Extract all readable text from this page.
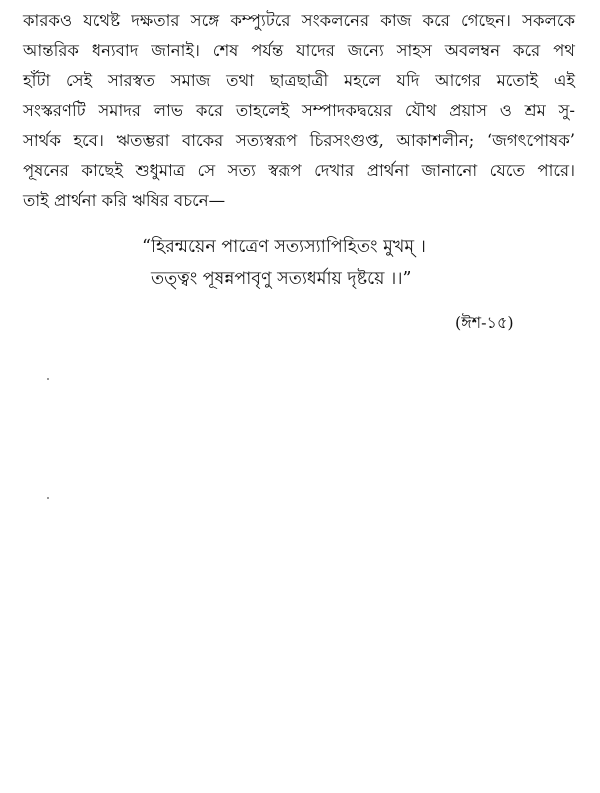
কারকও যথেষ্ট দক্ষতার সঙ্গে কম্প্যুটরে সংকলনের কাজ করে গেছেন। সকলকে
আন্তরিক ধন্যবাদ জানাই। শেষ পর্যন্ত যাদের জন্যে সাহস অবলম্বন করে পথ
হাঁটা সেই সারস্বত সমাজ তথা ছাত্রছাত্রী মহলে যদি আগের মতোই এই
সংস্করণটি সমাদর লাভ করে তাহলেই সম্পাদকদ্বয়ের যৌথ প্রয়াস ও শ্রম সু-
সার্থক হবে। ঋতম্ভরা বাকের সত্যস্বরূপ চিরসংগুপ্ত, আকাশলীন; ‘জগৎপোষক’
পূষনের কাছেই শুধুমাত্র সে সত্য স্বরূপ দেখার প্রার্থনা জানানো যেতে পারে।
তাই প্রার্থনা করি ঋষির বচনে—

“হিরন্ময়েন পাত্রেণ সত্যস্যাপিহিতং মুখম্ ।
তত্ত্বং পূষন্নপাবৃণু সত্যধর্মায় দৃষ্টয়ে ।।”

(ঈশ-১৫)
